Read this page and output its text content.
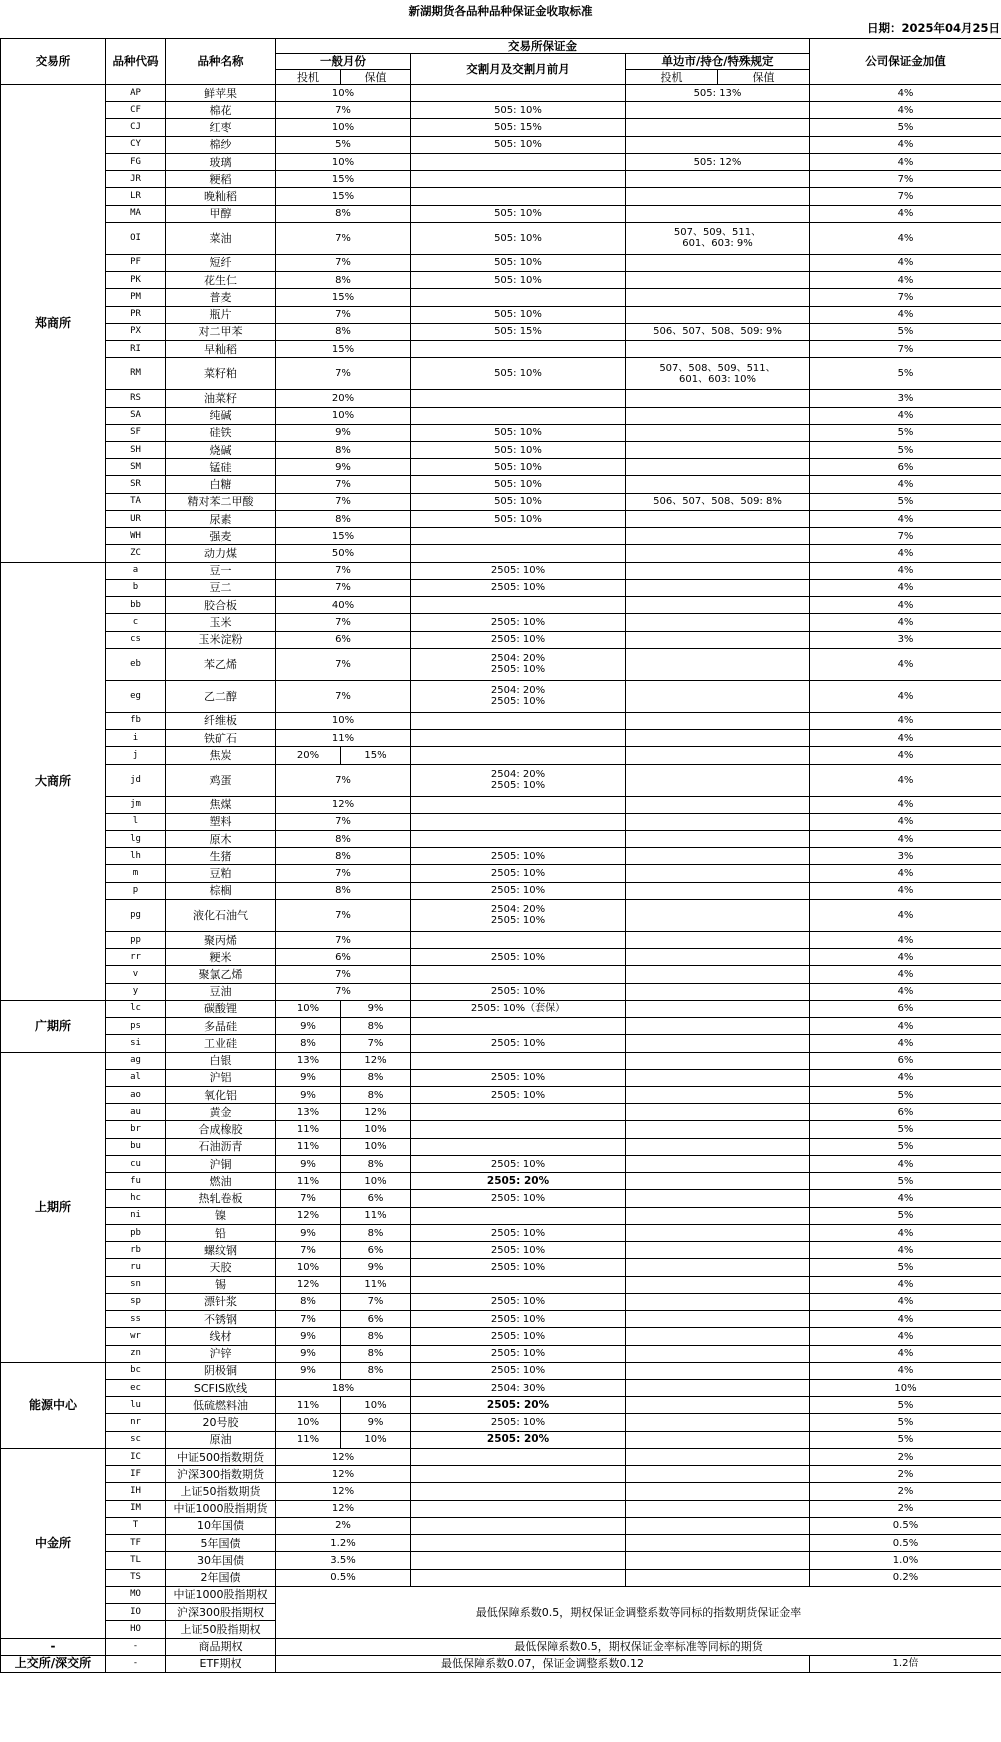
新湖期货各品种品种保证金收取标准
日期：2025年04月25日
交易所	品种代码	品种名称	交易所保证金					公司保证金加值
			一般月份		交割月及交割月前月	单边市/持仓/特殊规定		
			投机	保值		投机	保值	
郑商所	AP	鲜苹果	10%			505: 13%		4%
	CF	棉花	7%		505: 10%			4%
	CJ	红枣	10%		505: 15%			5%
	CY	棉纱	5%		505: 10%			4%
	FG	玻璃	10%			505: 12%		4%
	JR	粳稻	15%					7%
	LR	晚籼稻	15%					7%
	MA	甲醇	8%		505: 10%			4%
	OI	菜油	7%		505: 10%	507、509、511、
601、603: 9%		4%
	PF	短纤	7%		505: 10%			4%
	PK	花生仁	8%		505: 10%			4%
	PM	普麦	15%					7%
	PR	瓶片	7%		505: 10%			4%
	PX	对二甲苯	8%		505: 15%	506、507、508、509: 9%		5%
	RI	早籼稻	15%					7%
	RM	菜籽粕	7%		505: 10%	507、508、509、511、
601、603: 10%		5%
	RS	油菜籽	20%					3%
	SA	纯碱	10%					4%
	SF	硅铁	9%		505: 10%			5%
	SH	烧碱	8%		505: 10%			5%
	SM	锰硅	9%		505: 10%			6%
	SR	白糖	7%		505: 10%			4%
	TA	精对苯二甲酸	7%		505: 10%	506、507、508、509: 8%		5%
	UR	尿素	8%		505: 10%			4%
	WH	强麦	15%					7%
	ZC	动力煤	50%					4%
大商所	a	豆一	7%		2505: 10%			4%
	b	豆二	7%		2505: 10%			4%
	bb	胶合板	40%					4%
	c	玉米	7%		2505: 10%			4%
	cs	玉米淀粉	6%		2505: 10%			3%
	eb	苯乙烯	7%		2504: 20%
2505: 10%			4%
	eg	乙二醇	7%		2504: 20%
2505: 10%			4%
	fb	纤维板	10%					4%
	i	铁矿石	11%					4%
	j	焦炭	20%	15%				4%
	jd	鸡蛋	7%		2504: 20%
2505: 10%			4%
	jm	焦煤	12%					4%
	l	塑料	7%					4%
	lg	原木	8%					4%
	lh	生猪	8%		2505: 10%			3%
	m	豆粕	7%		2505: 10%			4%
	p	棕榈	8%		2505: 10%			4%
	pg	液化石油气	7%		2504: 20%
2505: 10%			4%
	pp	聚丙烯	7%					4%
	rr	粳米	6%		2505: 10%			4%
	v	聚氯乙烯	7%					4%
	y	豆油	7%		2505: 10%			4%
广期所	lc	碳酸锂	10%	9%	2505: 10%（套保）			6%
	ps	多晶硅	9%	8%				4%
	si	工业硅	8%	7%	2505: 10%			4%
上期所	ag	白银	13%	12%				6%
	al	沪铝	9%	8%	2505: 10%			4%
	ao	氧化铝	9%	8%	2505: 10%			5%
	au	黄金	13%	12%				6%
	br	合成橡胶	11%	10%				5%
	bu	石油沥青	11%	10%				5%
	cu	沪铜	9%	8%	2505: 10%			4%
	fu	燃油	11%	10%	2505: 20%			5%
	hc	热轧卷板	7%	6%	2505: 10%			4%
	ni	镍	12%	11%				5%
	pb	铅	9%	8%	2505: 10%			4%
	rb	螺纹钢	7%	6%	2505: 10%			4%
	ru	天胶	10%	9%	2505: 10%			5%
	sn	锡	12%	11%				4%
	sp	漂针浆	8%	7%	2505: 10%			4%
	ss	不锈钢	7%	6%	2505: 10%			4%
	wr	线材	9%	8%	2505: 10%			4%
	zn	沪锌	9%	8%	2505: 10%			4%
能源中心	bc	阴极铜	9%	8%	2505: 10%			4%
	ec	SCFIS欧线	18%		2504: 30%			10%
	lu	低硫燃料油	11%	10%	2505: 20%			5%
	nr	20号胶	10%	9%	2505: 10%			5%
	sc	原油	11%	10%	2505: 20%			5%
中金所	IC	中证500指数期货	12%					2%
	IF	沪深300指数期货	12%					2%
	IH	上证50指数期货	12%					2%
	IM	中证1000股指期货	12%					2%
	T	10年国债	2%					0.5%
	TF	5年国债	1.2%					0.5%
	TL	30年国债	3.5%					1.0%
	TS	2年国债	0.5%					0.2%
	MO	中证1000股指期权	最低保障系数0.5，期权保证金调整系数等同标的指数期货保证金率					
	IO	沪深300股指期权						
	HO	上证50股指期权						
-	-	商品期权	最低保障系数0.5，期权保证金率标准等同标的期货					
上交所/深交所	-	ETF期权	最低保障系数0.07，保证金调整系数0.12					1.2倍
